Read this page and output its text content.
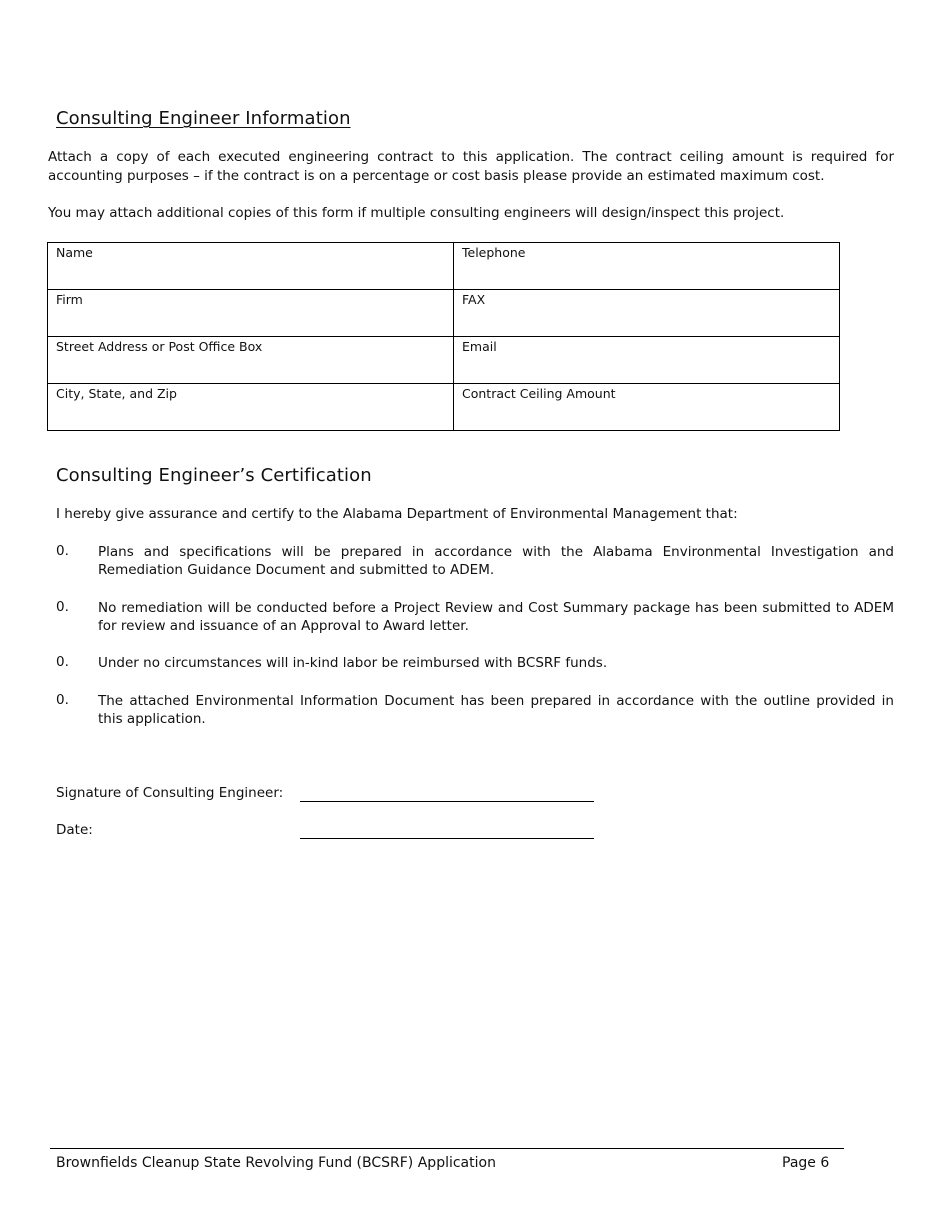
Consulting Engineer Information
Attach a copy of each executed engineering contract to this application. The contract ceiling amount is required for accounting purposes – if the contract is on a percentage or cost basis please provide an estimated maximum cost.
You may attach additional copies of this form if multiple consulting engineers will design/inspect this project.
Name	Telephone

Firm	FAX

Street Address or Post Office Box	Email

City, State, and Zip	Contract Ceiling Amount
Consulting Engineer’s Certification
I hereby give assurance and certify to the Alabama Department of Environmental Management that:
0. Plans and specifications will be prepared in accordance with the Alabama Environmental Investigation and Remediation Guidance Document and submitted to ADEM.
0. No remediation will be conducted before a Project Review and Cost Summary package has been submitted to ADEM for review and issuance of an Approval to Award letter.
0. Under no circumstances will in-kind labor be reimbursed with BCSRF funds.
0. The attached Environmental Information Document has been prepared in accordance with the outline provided in this application.
Signature of Consulting Engineer:
Date:
Brownfields Cleanup State Revolving Fund (BCSRF) Application	Page 6
